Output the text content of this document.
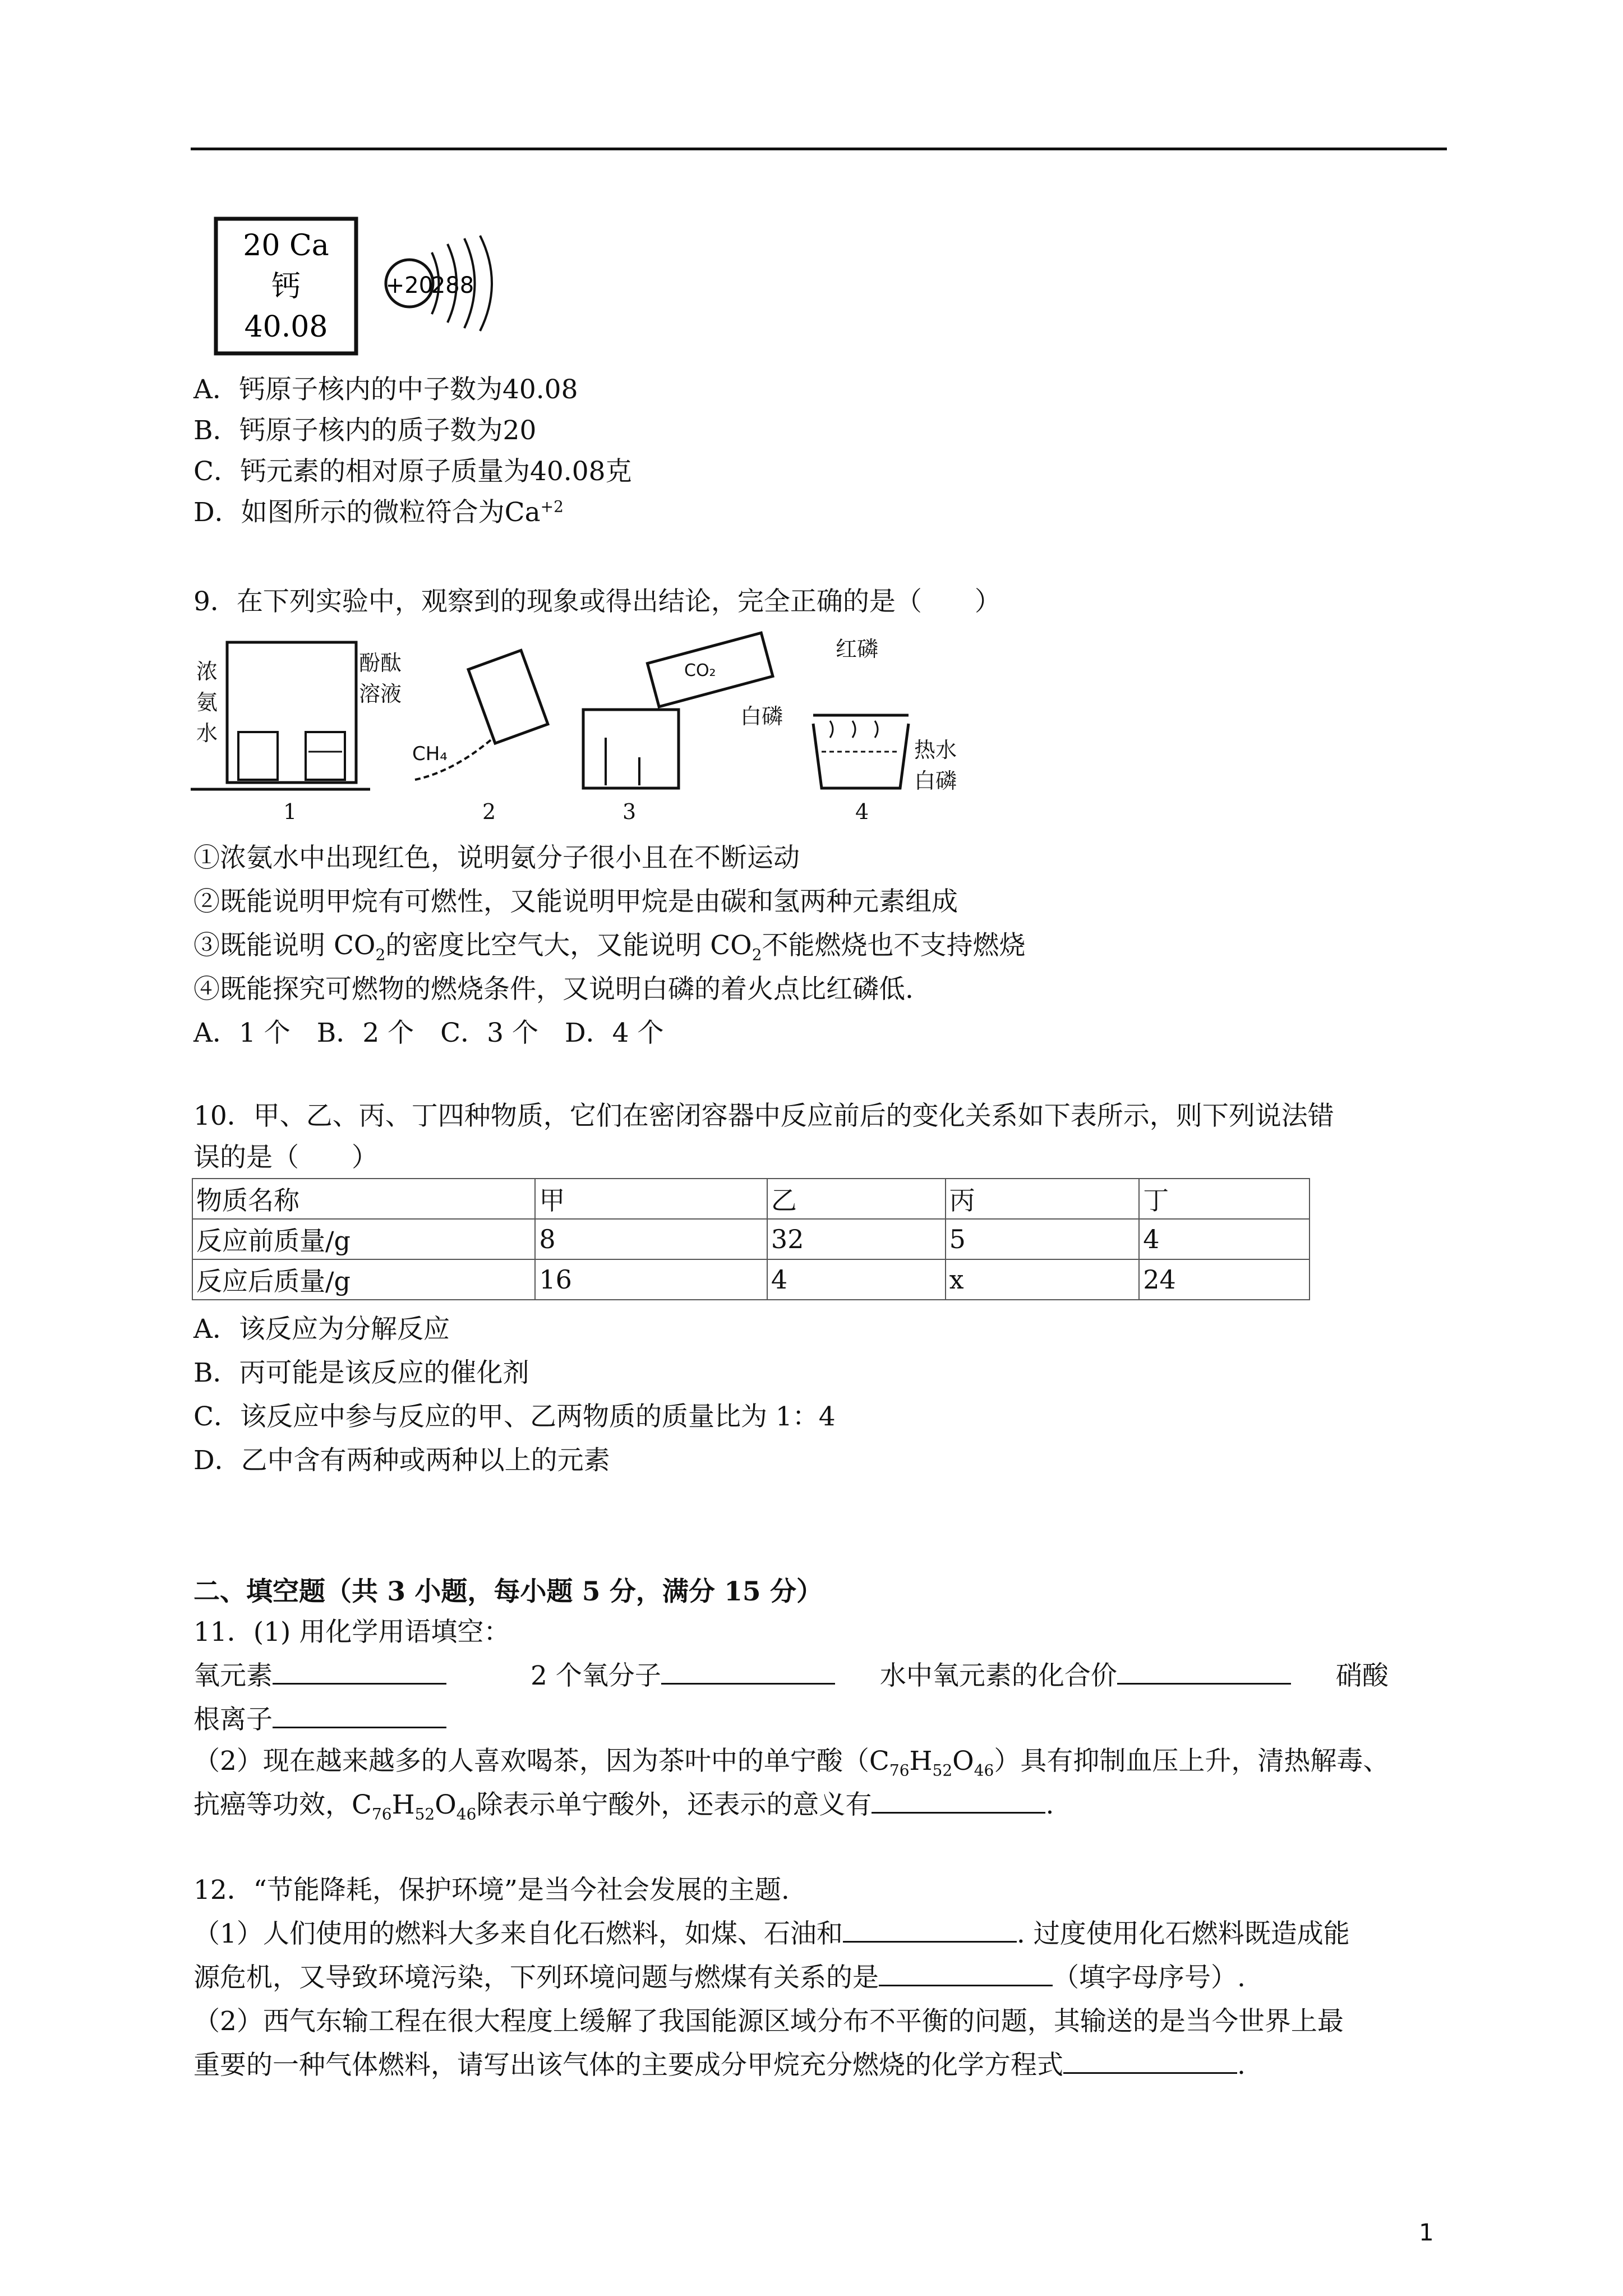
20 Ca
钙
40.08
+20
288
A．钙原子核内的中子数为40.08
B．钙原子核内的质子数为20
C．钙元素的相对原子质量为40.08克
D．如图所示的微粒符合为$Ca^{+2}$
9．在下列实验中，观察到的现象或得出结论，完全正确的是（　　）
浓
氨
水
酚酞
溶液
1
CH₄
2
CO₂
3
白磷
红磷
热水
白磷
4
①浓氨水中出现红色，说明氨分子很小且在不断运动
②既能说明甲烷有可燃性，又能说明甲烷是由碳和氢两种元素组成
③既能说明 $CO_2$的密度比空气大，又能说明 $CO_2$不能燃烧也不支持燃烧
④既能探究可燃物的燃烧条件，又说明白磷的着火点比红磷低.
A．1 个　B．2 个　C．3 个　D．4 个
10．甲、乙、丙、丁四种物质，它们在密闭容器中反应前后的变化关系如下表所示，则下列说法错
误的是（　　）
物质名称	甲	乙	丙	丁
反应前质量/g	8	32	5	4
反应后质量/g	16	4	x	24
A．该反应为分解反应
B．丙可能是该反应的催化剂
C．该反应中参与反应的甲、乙两物质的质量比为 1：4
D．乙中含有两种或两种以上的元素
二、填空题（共 3 小题，每小题 5 分，满分 15 分）
11．(1) 用化学用语填空：
氧元素	2 个氧分子	水中氧元素的化合价	硝酸
根离子
（2）现在越来越多的人喜欢喝茶，因为茶叶中的单宁酸$(C_{76}H_{52}O_{46})$具有抑制血压上升，清热解毒、
抗癌等功效，$C_{76}H_{52}O_{46}$除表示单宁酸外，还表示的意义有	.
12．“节能降耗，保护环境”是当今社会发展的主题.
（1）人们使用的燃料大多来自化石燃料，如煤、石油和	. 过度使用化石燃料既造成能
源危机，又导致环境污染，下列环境问题与燃煤有关系的是	（填字母序号）.
（2）西气东输工程在很大程度上缓解了我国能源区域分布不平衡的问题，其输送的是当今世界上最
重要的一种气体燃料，请写出该气体的主要成分甲烷充分燃烧的化学方程式	.
1
